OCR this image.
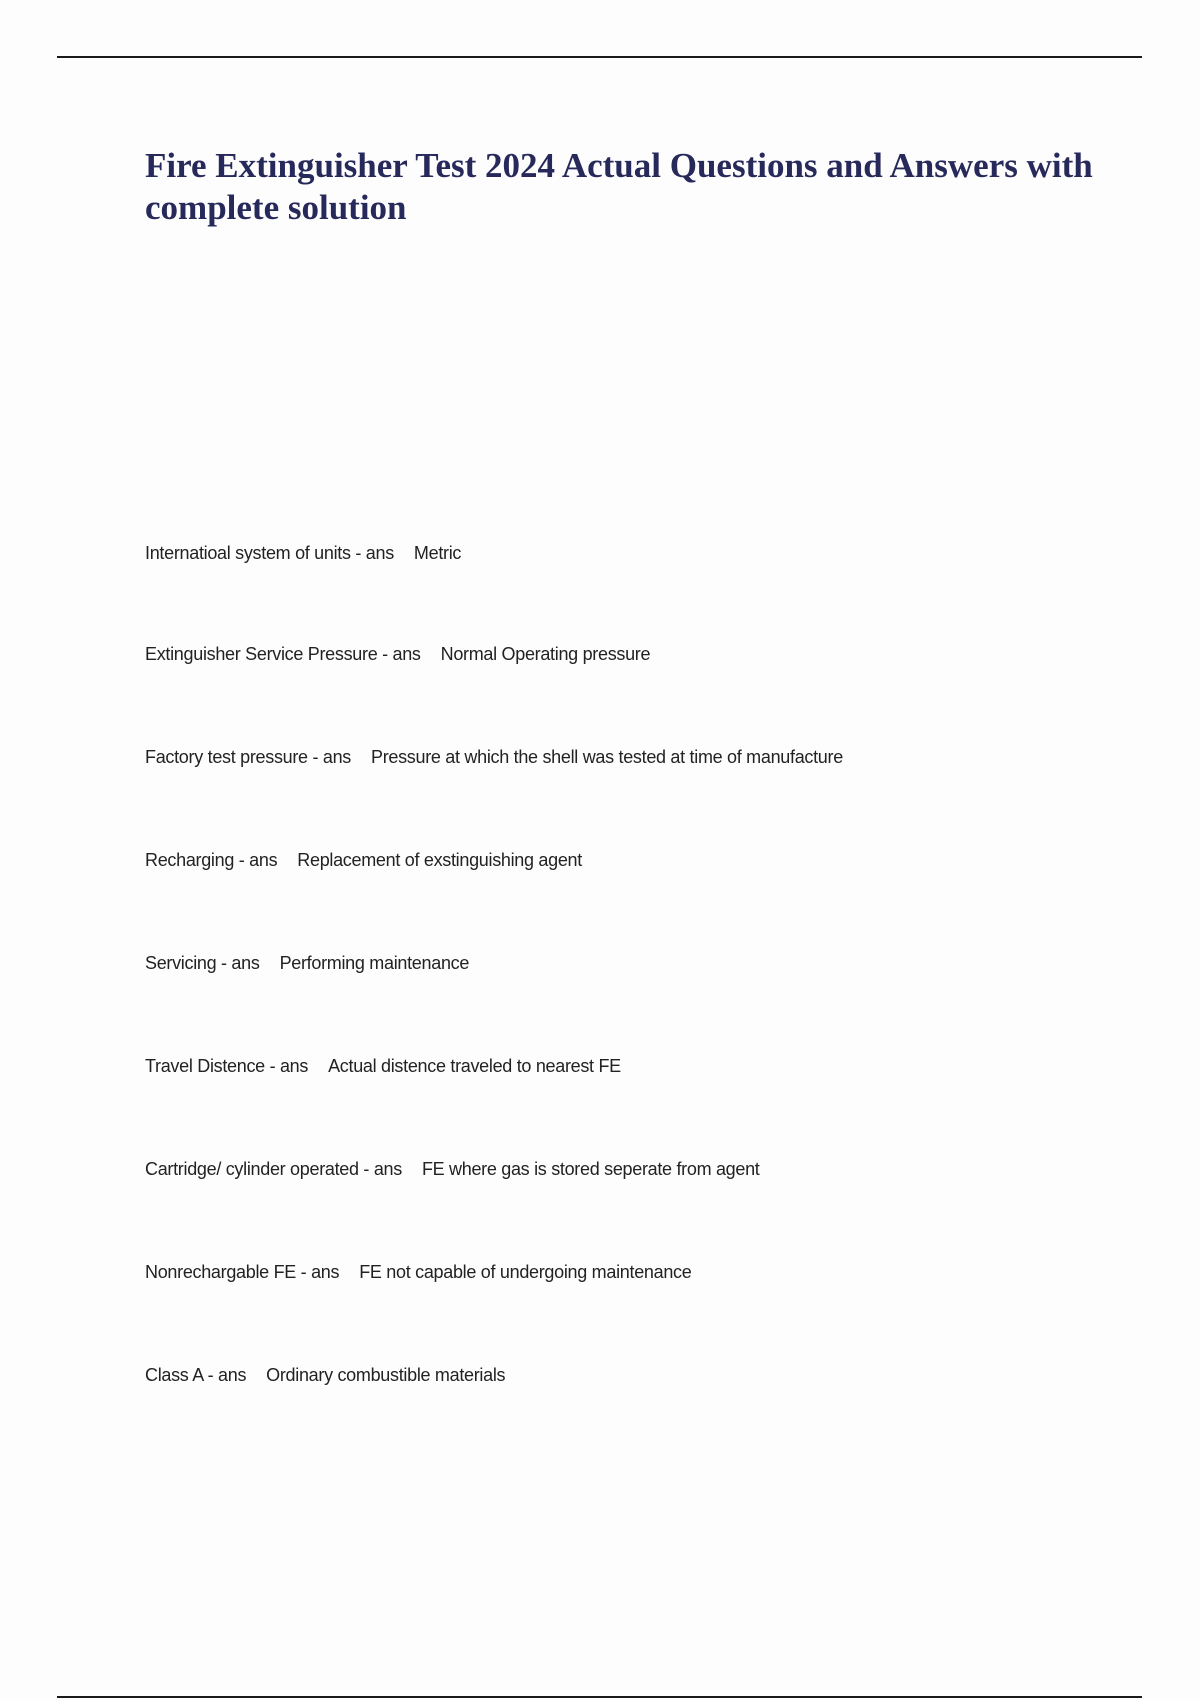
Fire Extinguisher Test 2024 Actual Questions and Answers with complete solution
Internatioal system of units - ans Metric
Extinguisher Service Pressure - ans Normal Operating pressure
Factory test pressure - ans Pressure at which the shell was tested at time of manufacture
Recharging - ans Replacement of exstinguishing agent
Servicing - ans Performing maintenance
Travel Distence - ans Actual distence traveled to nearest FE
Cartridge/ cylinder operated - ans FE where gas is stored seperate from agent
Nonrechargable FE - ans FE not capable of undergoing maintenance
Class A - ans Ordinary combustible materials
